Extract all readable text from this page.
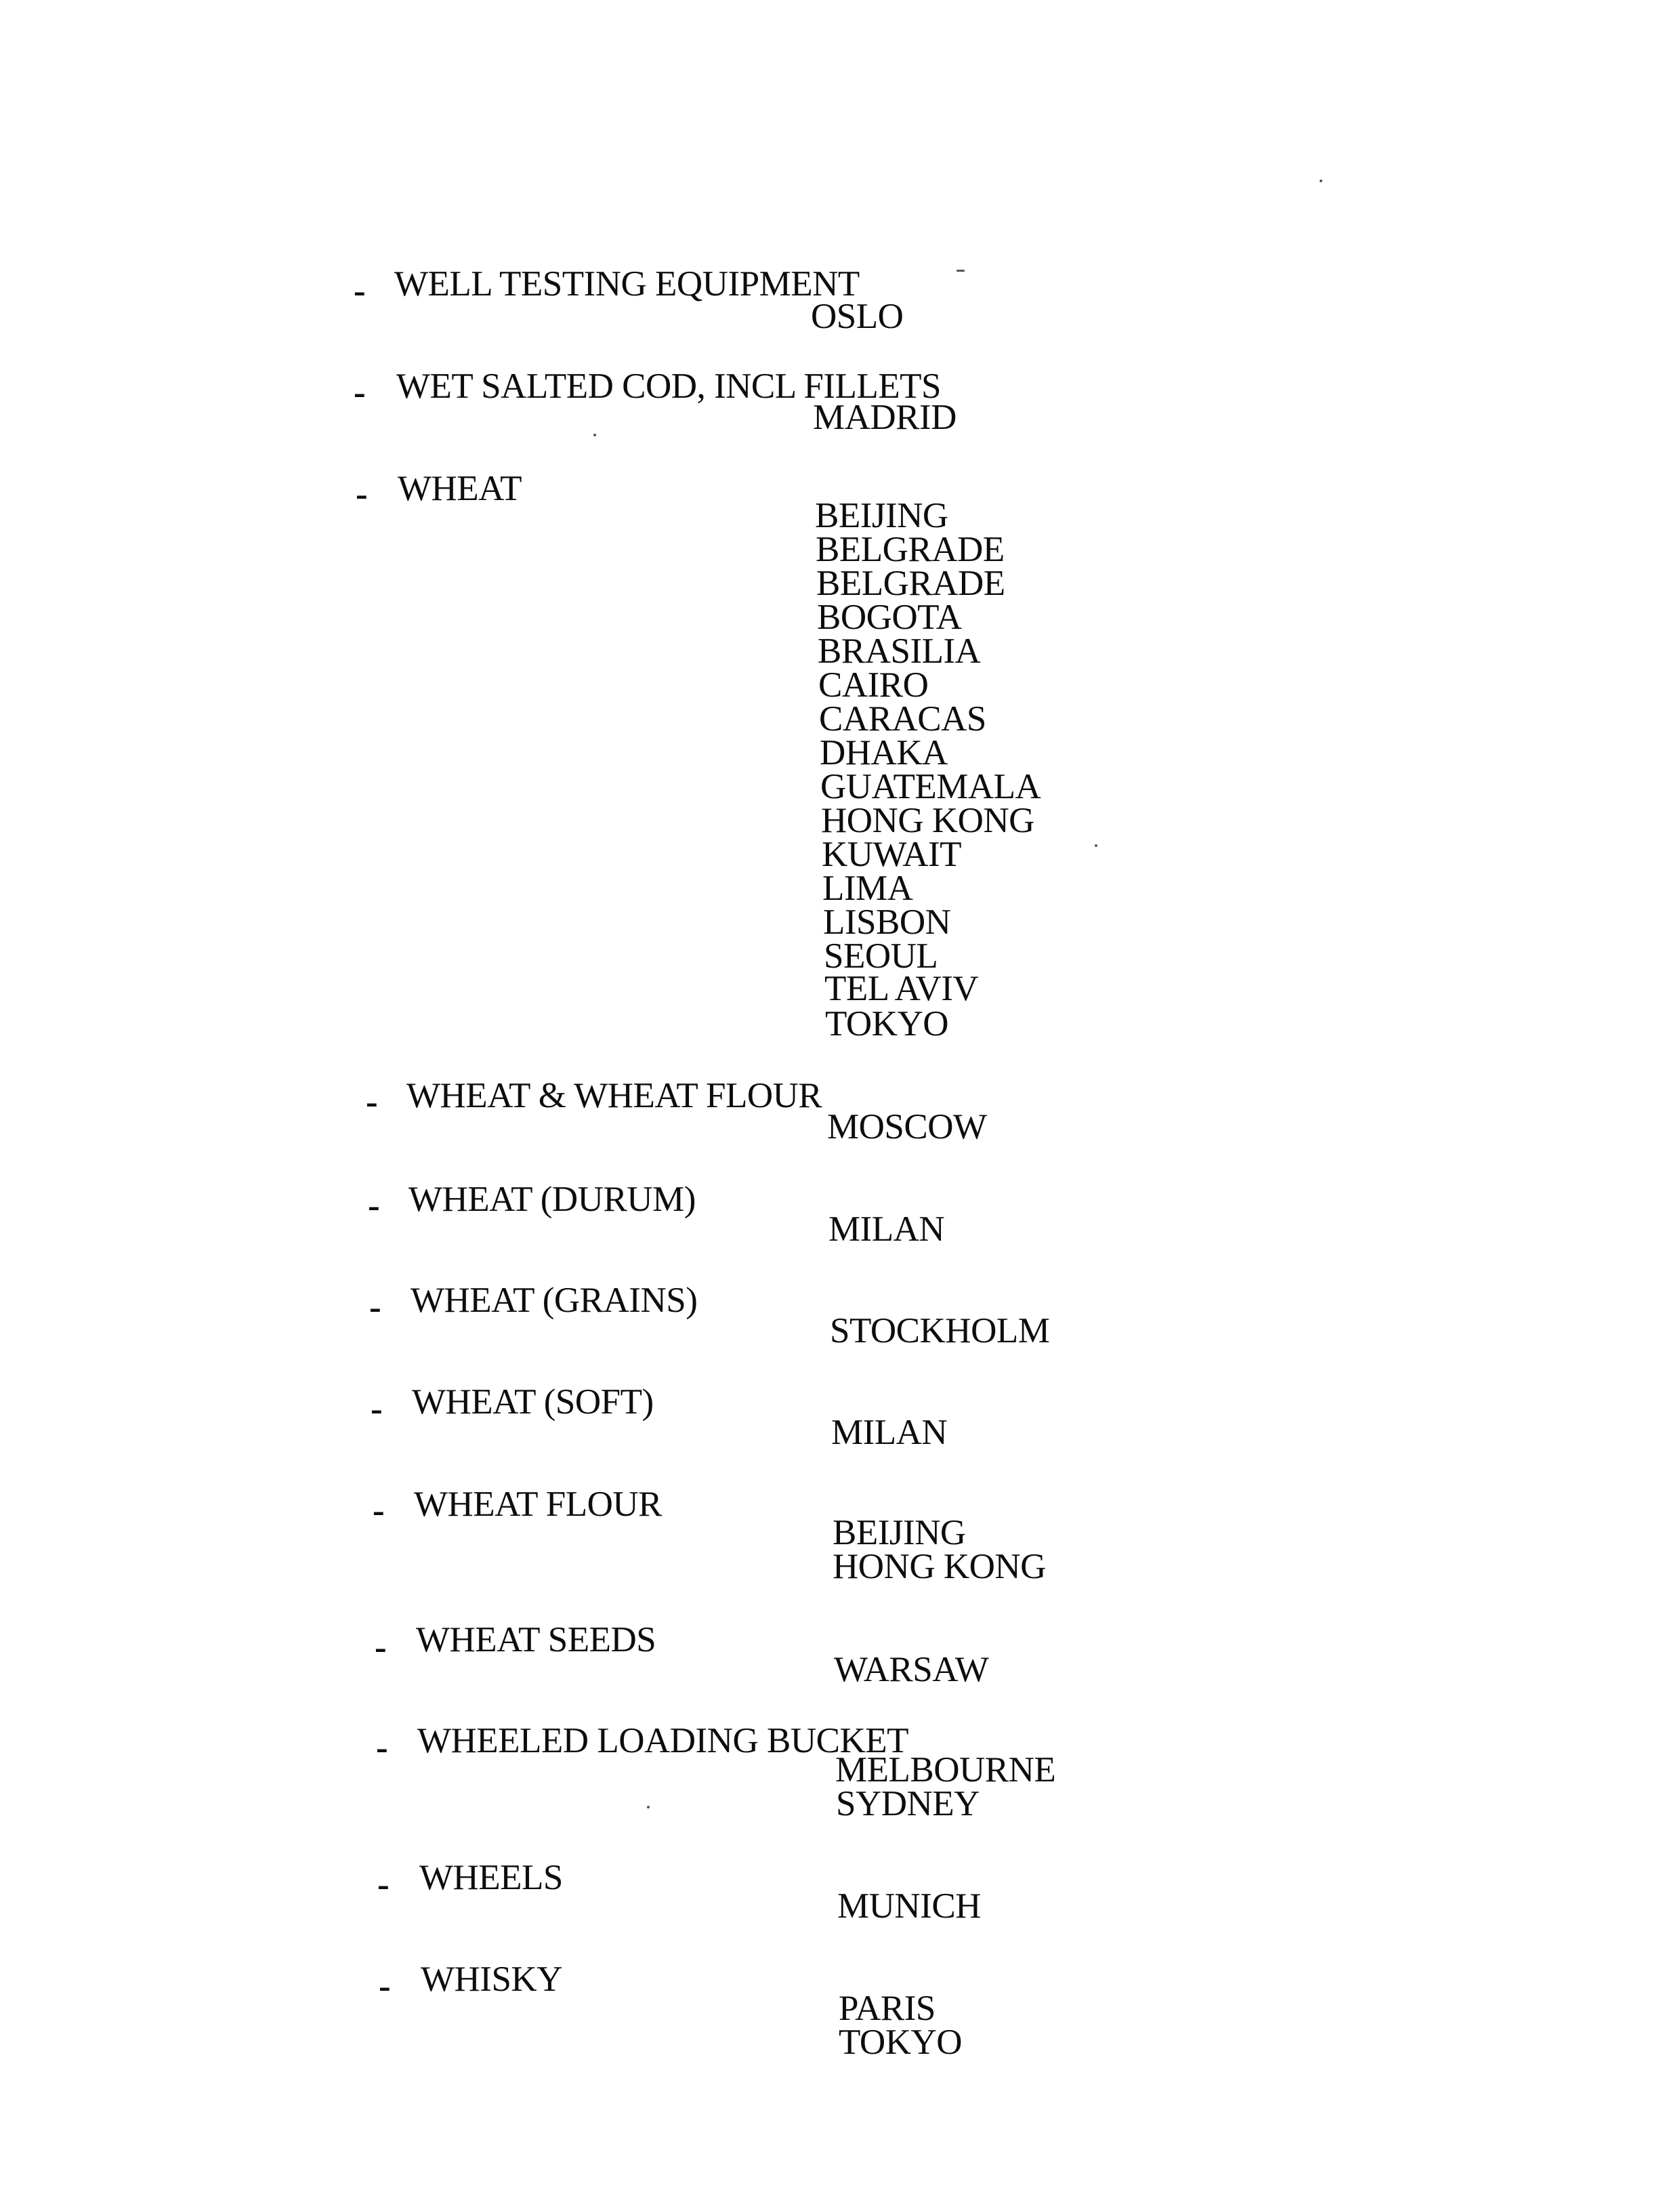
- WELL TESTING EQUIPMENT
OSLO
- WET SALTED COD, INCL FILLETS
MADRID
- WHEAT
BEIJING
BELGRADE
BELGRADE
BOGOTA
BRASILIA
CAIRO
CARACAS
DHAKA
GUATEMALA
HONG KONG
KUWAIT
LIMA
LISBON
SEOUL
TEL AVIV
TOKYO
- WHEAT & WHEAT FLOUR
MOSCOW
- WHEAT (DURUM)
MILAN
- WHEAT (GRAINS)
STOCKHOLM
- WHEAT (SOFT)
MILAN
- WHEAT FLOUR
BEIJING
HONG KONG
- WHEAT SEEDS
WARSAW
- WHEELED LOADING BUCKET
MELBOURNE
SYDNEY
- WHEELS
MUNICH
- WHISKY
PARIS
TOKYO
